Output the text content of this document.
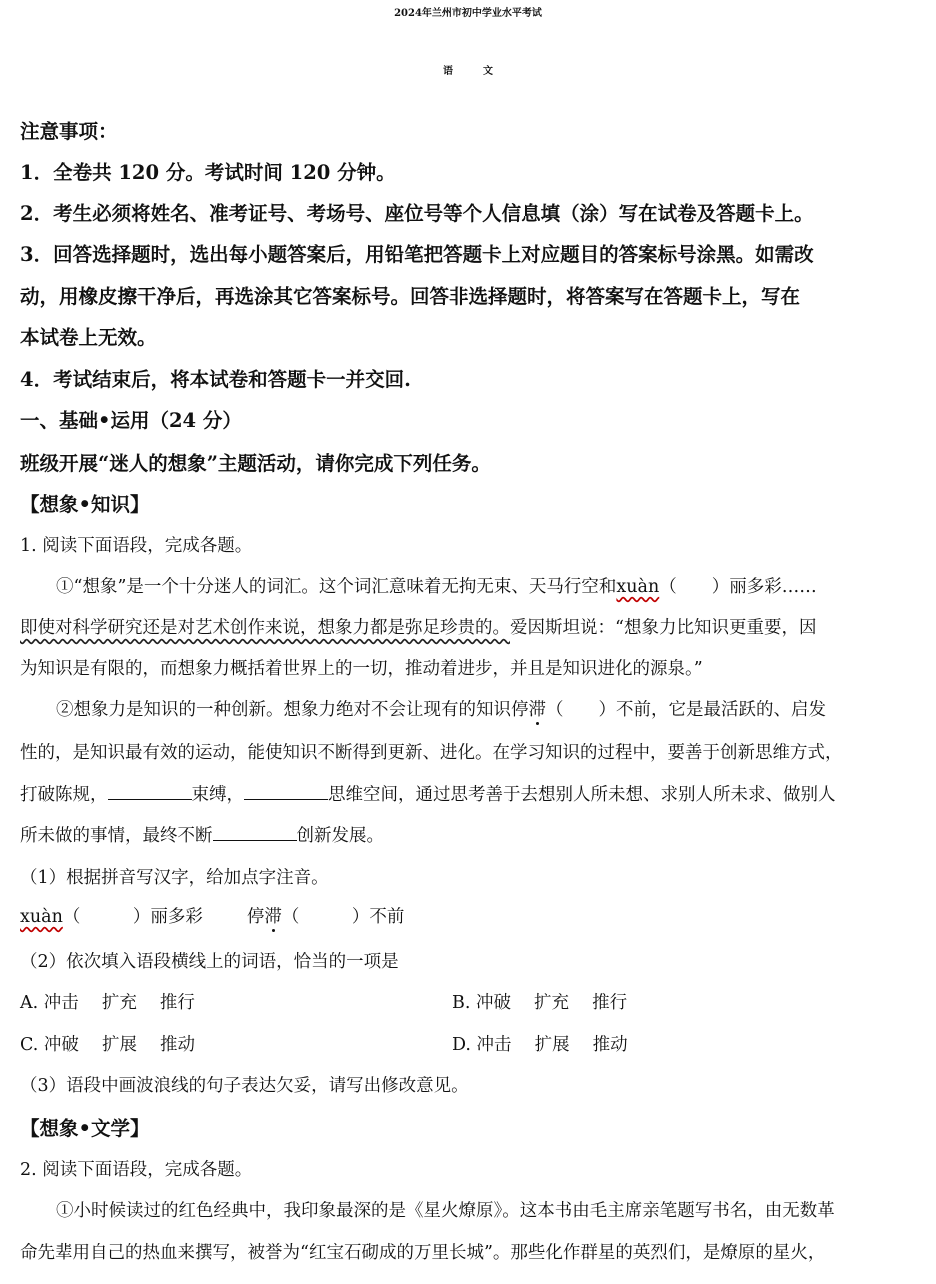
2024年兰州市初中学业水平考试
语文
注意事项：
1．全卷共 120 分。考试时间 120 分钟。
2．考生必须将姓名、准考证号、考场号、座位号等个人信息填（涂）写在试卷及答题卡上。
3．回答选择题时，选出每小题答案后，用铅笔把答题卡上对应题目的答案标号涂黑。如需改
动，用橡皮擦干净后，再选涂其它答案标号。回答非选择题时，将答案写在答题卡上，写在
本试卷上无效。
4．考试结束后，将本试卷和答题卡一并交回.
一、基础•运用（24 分）
班级开展“迷人的想象”主题活动，请你完成下列任务。
【想象•知识】
1. 阅读下面语段，完成各题。
①“想象”是一个十分迷人的词汇。这个词汇意味着无拘无束、天马行空和xuàn（　　）丽多彩……
即使对科学研究还是对艺术创作来说，想象力都是弥足珍贵的。爱因斯坦说：“想象力比知识更重要，因
为知识是有限的，而想象力概括着世界上的一切，推动着进步，并且是知识进化的源泉。”
②想象力是知识的一种创新。想象力绝对不会让现有的知识停滞（　　）不前，它是最活跃的、启发
性的，是知识最有效的运动，能使知识不断得到更新、进化。在学习知识的过程中，要善于创新思维方式，
打破陈规，	束缚，	思维空间，通过思考善于去想别人所未想、求别人所未求、做别人
所未做的事情，最终不断	创新发展。
（1）根据拼音写汉字，给加点字注音。
xuàn（　　　）丽多彩	停滞（　　　）不前
（2）依次填入语段横线上的词语，恰当的一项是
A. 冲击　 扩充　 推行	B. 冲破　 扩充　 推行
C. 冲破　 扩展　 推动	D. 冲击　 扩展　 推动
（3）语段中画波浪线的句子表达欠妥，请写出修改意见。
【想象•文学】
2. 阅读下面语段，完成各题。
①小时候读过的红色经典中，我印象最深的是《星火燎原》。这本书由毛主席亲笔题写书名，由无数革
命先辈用自己的热血来撰写，被誉为“红宝石砌成的万里长城”。那些化作群星的英烈们，是燎原的星火，
